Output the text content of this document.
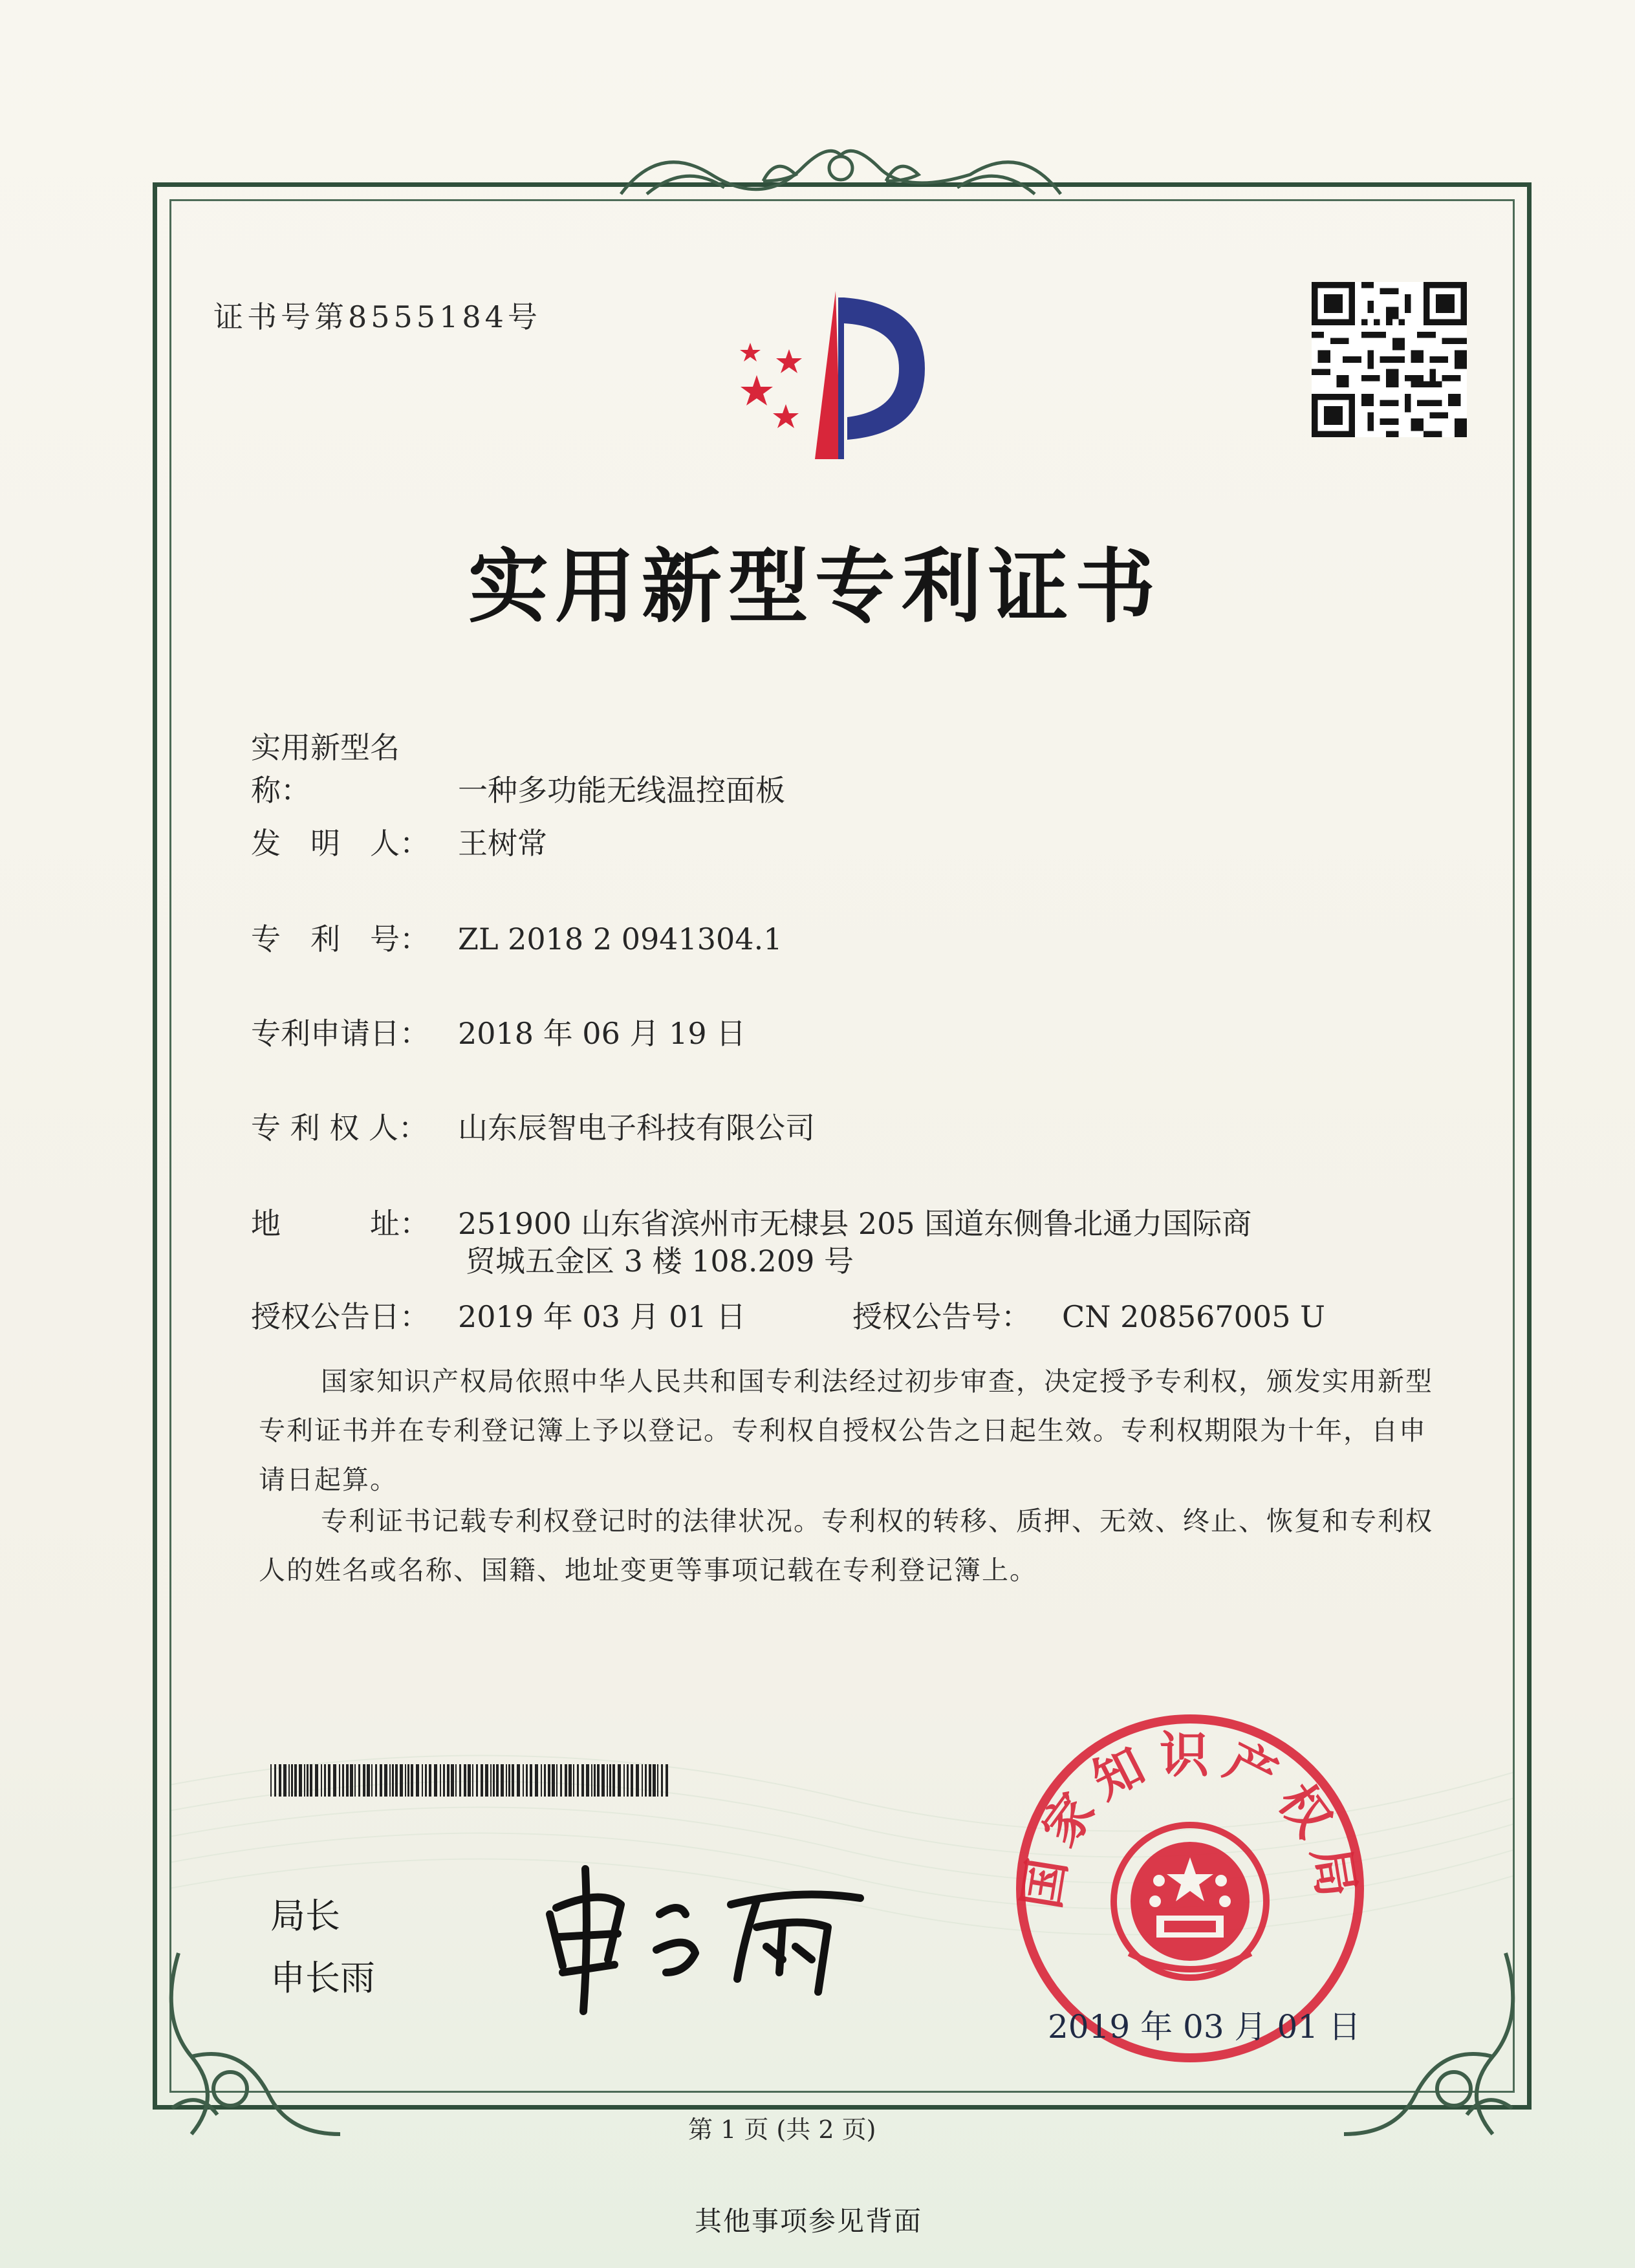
证书号第8555184号
实用新型专利证书
实用新型名称：	一种多功能无线温控面板
发　明　人： 王树常
专　利　号： ZL 2018 2 0941304.1
专利申请日： 2018 年 06 月 19 日
专 利 权 人： 山东辰智电子科技有限公司
地　　　址： 251900 山东省滨州市无棣县 205 国道东侧鲁北通力国际商
贸城五金区 3 楼 108.209 号
授权公告日： 2019 年 03 月 01 日	授权公告号： CN 208567005 U

国家知识产权局依照中华人民共和国专利法经过初步审查，决定授予专利权，颁发实用新型专利证书并在专利登记簿上予以登记。专利权自授权公告之日起生效。专利权期限为十年，自申请日起算。

专利证书记载专利权登记时的法律状况。专利权的转移、质押、无效、终止、恢复和专利权人的姓名或名称、国籍、地址变更等事项记载在专利登记簿上。

局长
申长雨
国家知识产权局
2019 年 03 月 01 日
第 1 页 (共 2 页)
其他事项参见背面
